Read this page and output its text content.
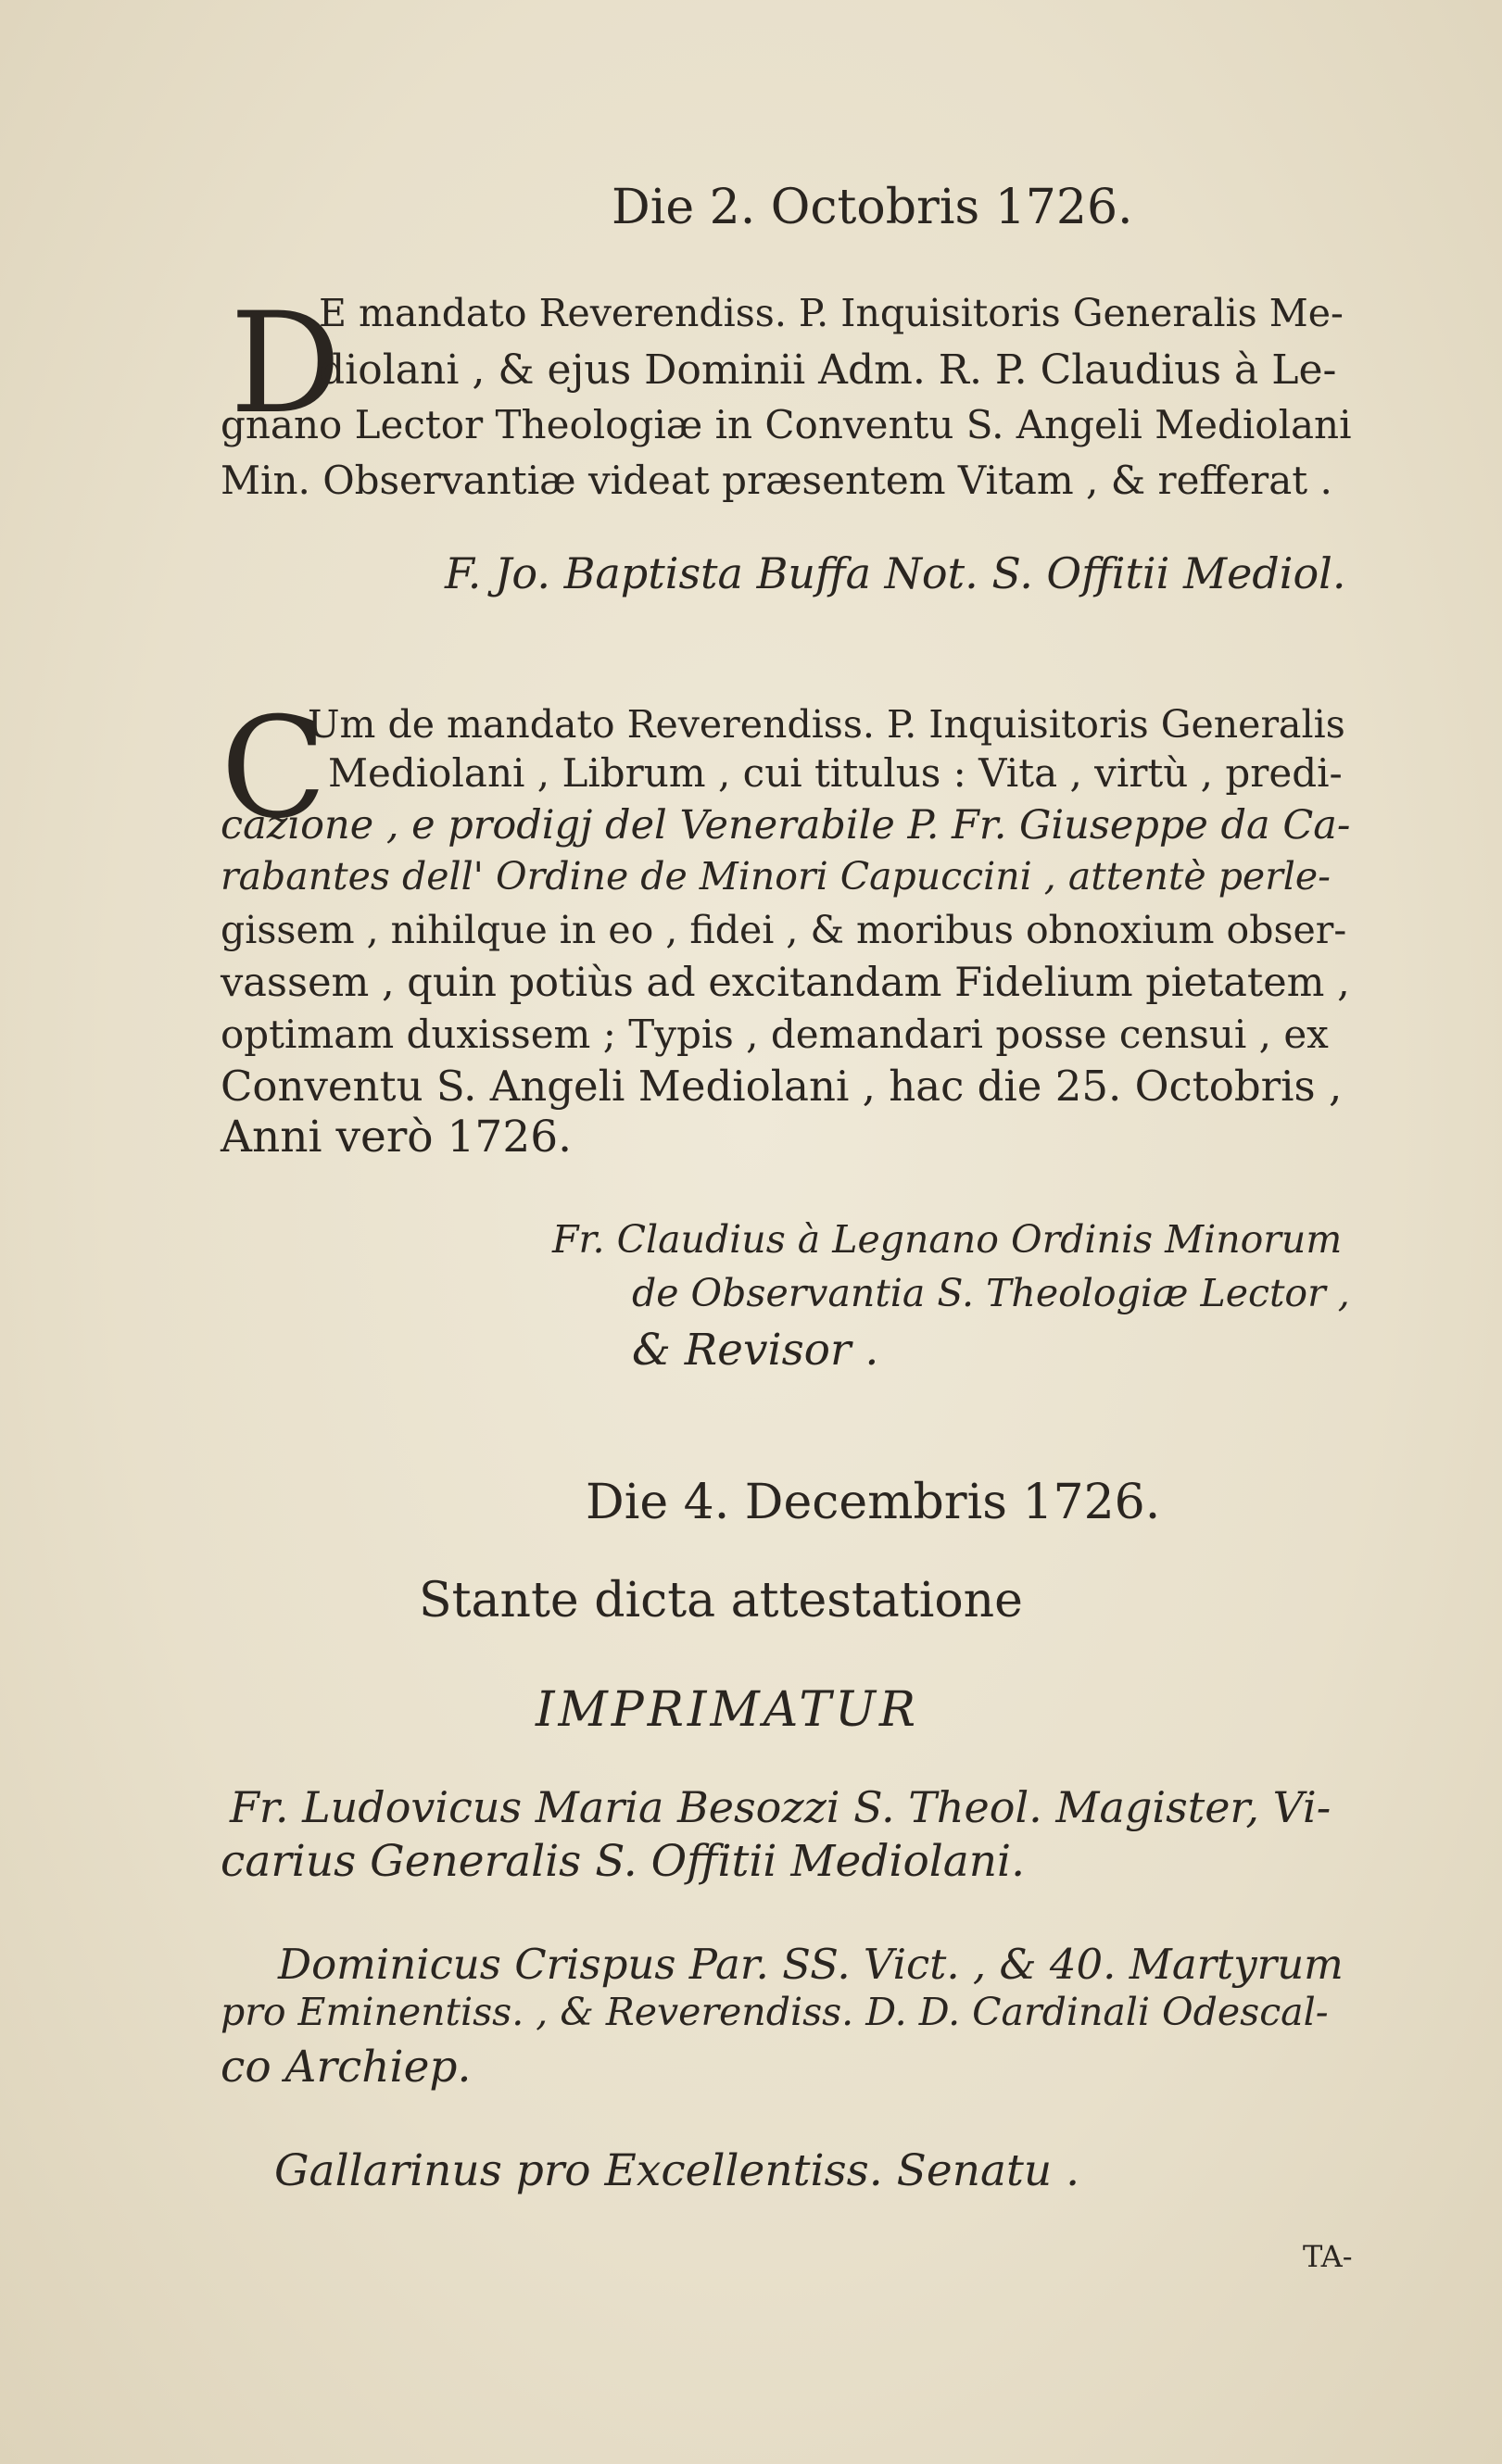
Die 2. Octobris 1726.
D
E mandato Reverendiss. P. Inquisitoris Generalis Me-
diolani , & ejus Dominii Adm. R. P. Claudius à Le-
gnano Lector Theologiæ in Conventu S. Angeli Mediolani
Min. Observantiæ videat præsentem Vitam , & refferat .
F. Jo. Baptista Buffa Not. S. Offitii Mediol.
C
Um de mandato Reverendiss. P. Inquisitoris Generalis
Mediolani , Librum , cui titulus : Vita , virtù , predi-
cazione , e prodigj del Venerabile P. Fr. Giuseppe da Ca-
rabantes dell' Ordine de Minori Capuccini , attentè perle-
gissem , nihilque in eo , fidei , & moribus obnoxium obser-
vassem , quin potiùs ad excitandam Fidelium pietatem ,
optimam duxissem ; Typis , demandari posse censui , ex
Conventu S. Angeli Mediolani , hac die 25. Octobris ,
Anni verò 1726.
Fr. Claudius à Legnano Ordinis Minorum
de Observantia S. Theologiæ Lector ,
& Revisor .
Die 4. Decembris 1726.
Stante dicta attestatione
IMPRIMATUR
Fr. Ludovicus Maria Besozzi S. Theol. Magister, Vi-
carius Generalis S. Offitii Mediolani.
Dominicus Crispus Par. SS. Vict. , & 40. Martyrum
pro Eminentiss. , & Reverendiss. D. D. Cardinali Odescal-
co Archiep.
Gallarinus pro Excellentiss. Senatu .
TA-
